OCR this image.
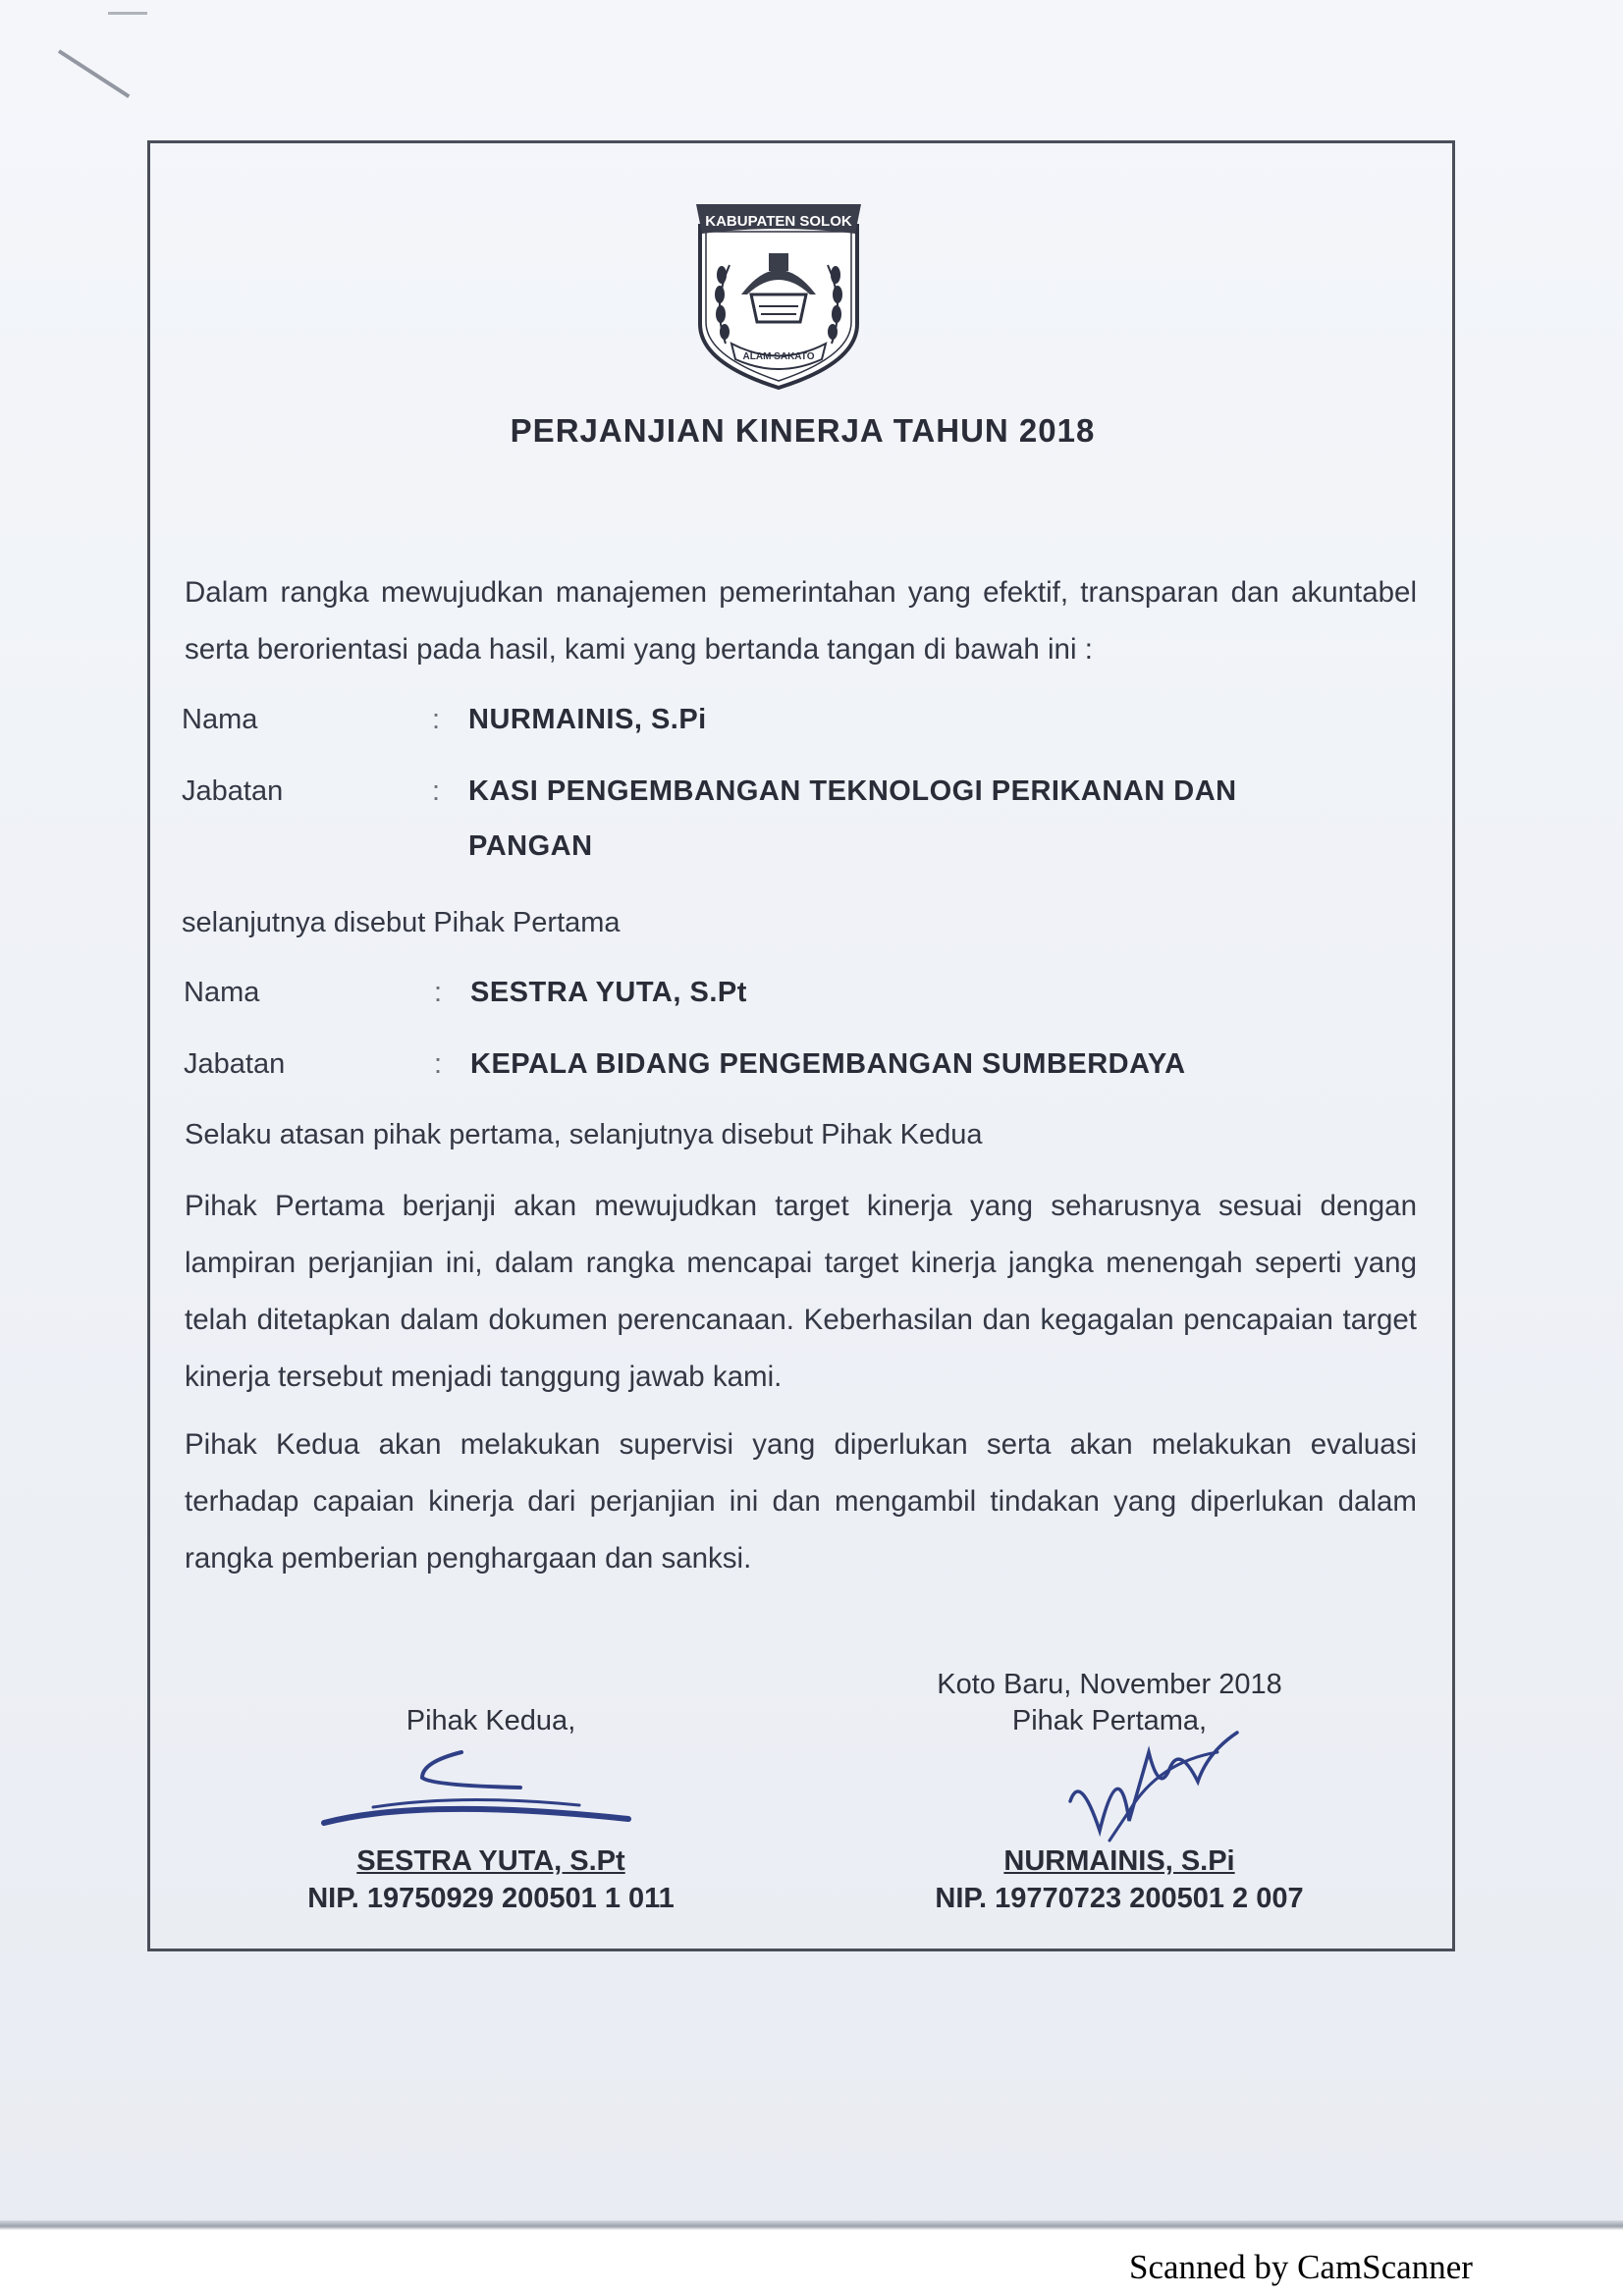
KABUPATEN SOLOK
ALAM SAKATO
PERJANJIAN KINERJA TAHUN 2018
Dalam rangka mewujudkan manajemen pemerintahan yang efektif, transparan dan akuntabel serta berorientasi pada hasil, kami yang bertanda tangan di bawah ini :
Nama	: NURMAINIS, S.Pi
Jabatan	: KASI PENGEMBANGAN TEKNOLOGI PERIKANAN DAN
PANGAN
selanjutnya disebut Pihak Pertama
Nama	: SESTRA YUTA, S.Pt
Jabatan	: KEPALA BIDANG PENGEMBANGAN SUMBERDAYA
Selaku atasan pihak pertama, selanjutnya disebut Pihak Kedua
Pihak Pertama berjanji akan mewujudkan target kinerja yang seharusnya sesuai dengan lampiran perjanjian ini, dalam rangka mencapai target kinerja jangka menengah seperti yang telah ditetapkan dalam dokumen perencanaan. Keberhasilan dan kegagalan pencapaian target kinerja tersebut menjadi tanggung jawab kami.
Pihak Kedua akan melakukan supervisi yang diperlukan serta akan melakukan evaluasi terhadap capaian kinerja dari perjanjian ini dan mengambil tindakan yang diperlukan dalam rangka pemberian penghargaan dan sanksi.
Koto Baru, November 2018
Pihak Kedua,	Pihak Pertama,
SESTRA YUTA, S.Pt
NIP. 19750929 200501 1 011
NURMAINIS, S.Pi
NIP. 19770723 200501 2 007
Scanned by CamScanner
